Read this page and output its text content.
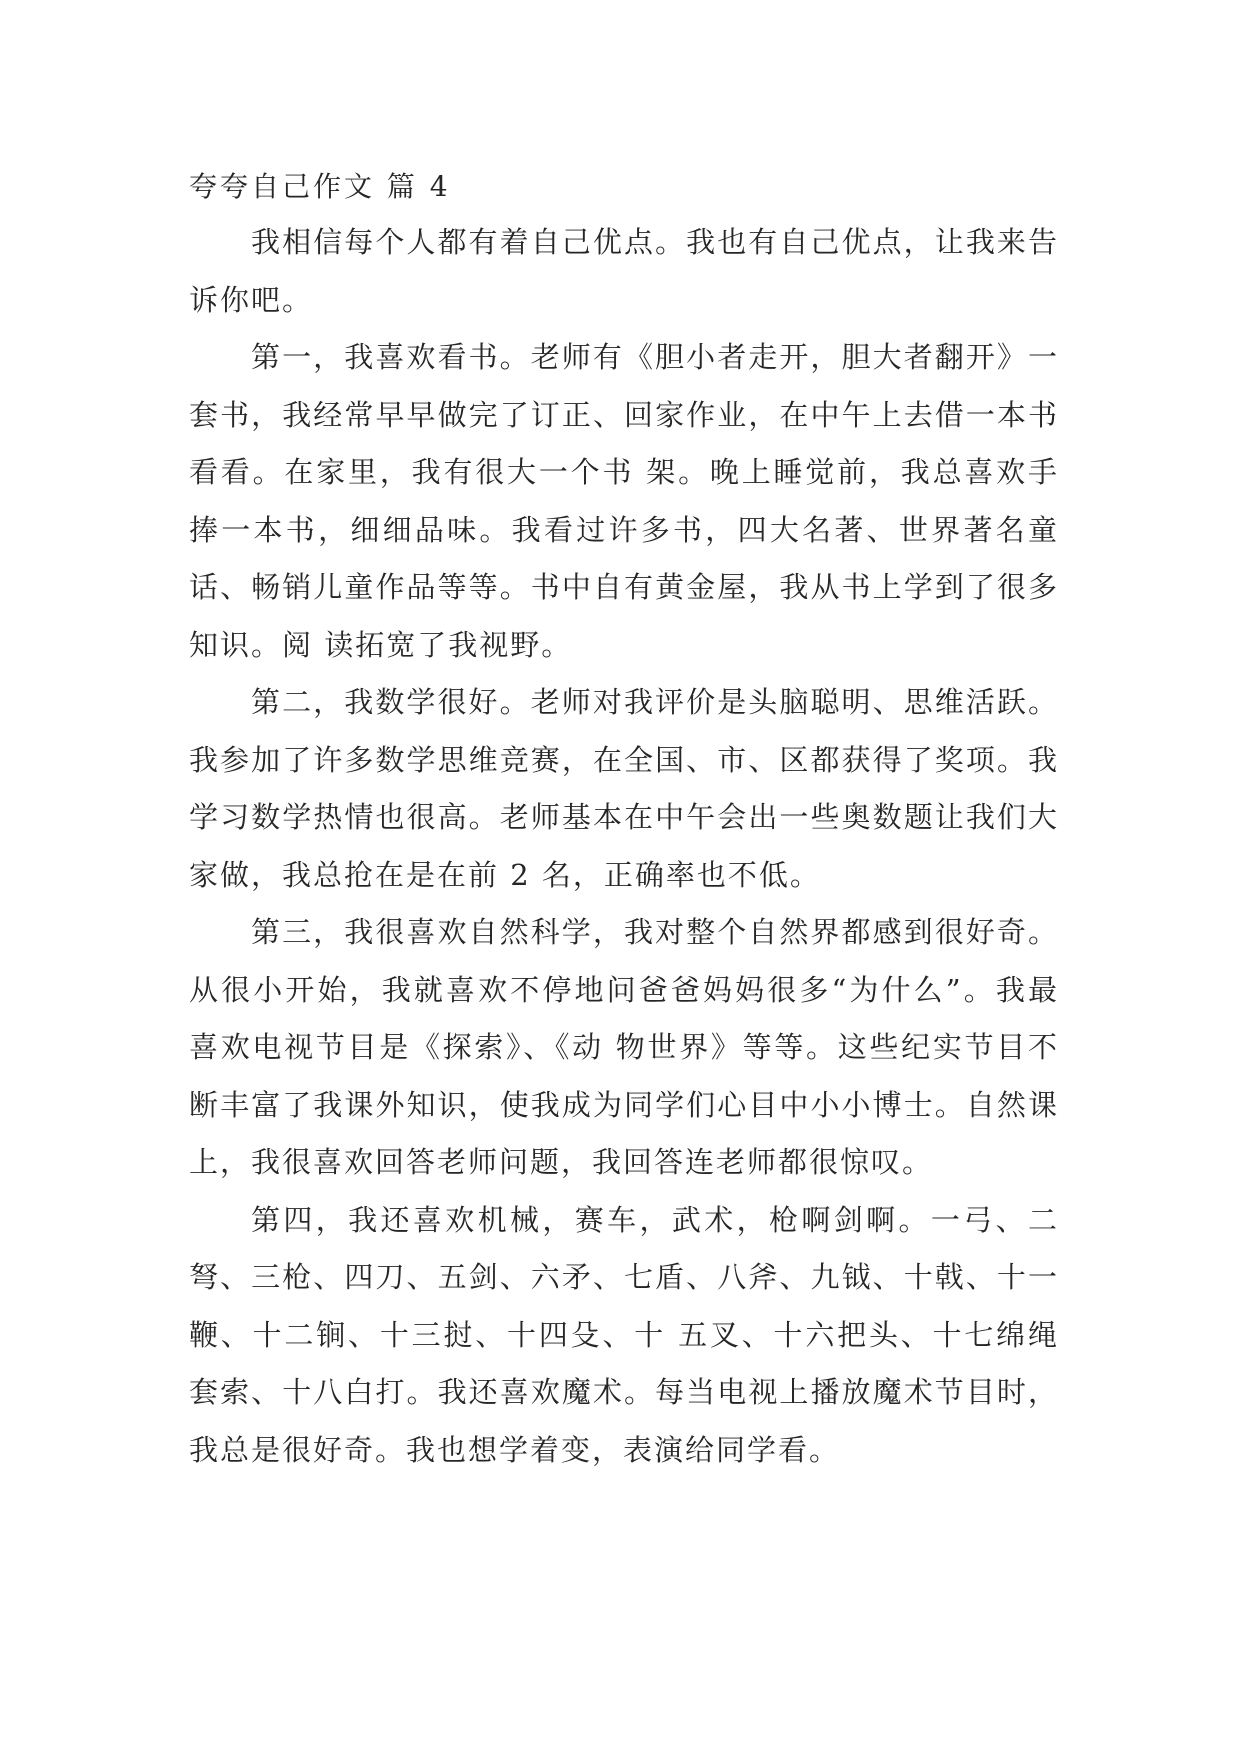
夸夸自己作文 篇 4

我相信每个人都有着自己优点。我也有自己优点，让我来告诉你吧。

第一，我喜欢看书。老师有《胆小者走开，胆大者翻开》一套书，我经常早早做完了订正、回家作业，在中午上去借一本书看看。在家里，我有很大一个书 架。晚上睡觉前，我总喜欢手捧一本书，细细品味。我看过许多书，四大名著、世界著名童话、畅销儿童作品等等。书中自有黄金屋，我从书上学到了很多知识。阅 读拓宽了我视野。

第二，我数学很好。老师对我评价是头脑聪明、思维活跃。我参加了许多数学思维竞赛，在全国、市、区都获得了奖项。我学习数学热情也很高。老师基本在中午会出一些奥数题让我们大家做，我总抢在是在前 2 名，正确率也不低。

第三，我很喜欢自然科学，我对整个自然界都感到很好奇。从很小开始，我就喜欢不停地问爸爸妈妈很多“为什么”。我最喜欢电视节目是《探索》、《动 物世界》等等。这些纪实节目不断丰富了我课外知识，使我成为同学们心目中小小博士。自然课上，我很喜欢回答老师问题，我回答连老师都很惊叹。

第四，我还喜欢机械，赛车，武术，枪啊剑啊。一弓、二弩、三枪、四刀、五剑、六矛、七盾、八斧、九钺、十戟、十一鞭、十二锏、十三挝、十四殳、十 五叉、十六把头、十七绵绳套索、十八白打。我还喜欢魔术。每当电视上播放魔术节目时，我总是很好奇。我也想学着变，表演给同学看。
